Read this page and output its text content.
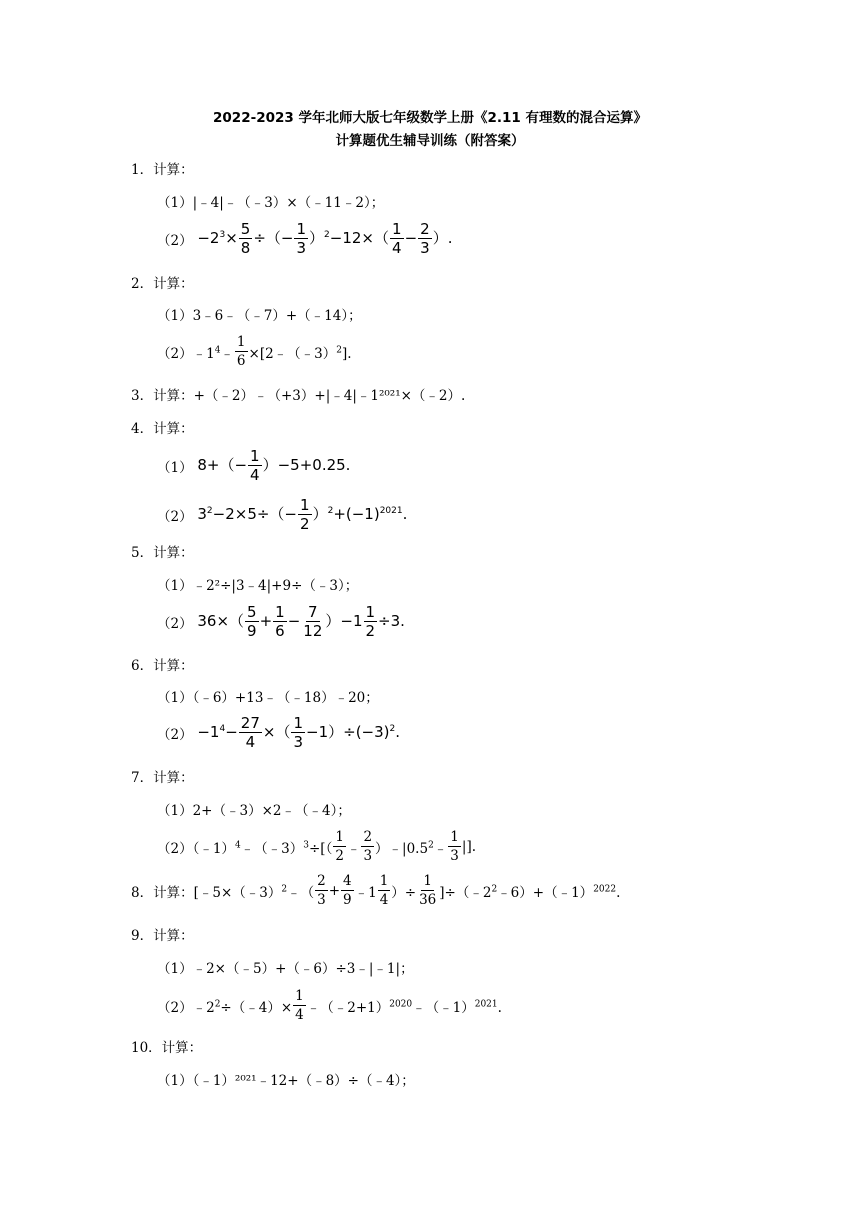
2022-2023 学年北师大版七年级数学上册《2.11 有理数的混合运算》
计算题优生辅导训练（附答案）
1．计算：
（1）|﹣4|﹣（﹣3）×（﹣11﹣2）；
$(2) -2^3\times \frac{5}{8}$ ÷（− $\frac{1}{3} )^2-12\times( \frac{1}{4} - \frac{2}{3}$ ）.
2．计算：
（1）3﹣6﹣（﹣7）+（﹣14）；
$(2)﹣1^4﹣ \frac{1}{6}$ ×[2﹣（﹣3）$^2$].
3．计算：+（﹣2）﹣（+3）+|﹣4|﹣1²⁰²¹×（﹣2）.
4．计算：
（1） $8+(- \frac{1}{4} )-5+0.25$.
（2） $3^2-2\times 5\div(- \frac{1}{2} )^2+(-1)^{2021}$.
5．计算：
（1）﹣2²÷|3﹣4|+9÷（﹣3）；
（2） $36\times( \frac{5}{9} + \frac{1}{6} - \frac{7}{12} )-1 \frac{1}{2} \div 3$.
6．计算：
（1）（﹣6）+13﹣（﹣18）﹣20；
$(2) -1^4- \frac{27}{4}$ ×（ $\frac{1}{3} -1)\div(-3)^2$.
7．计算：
（1）2+（﹣3）×2﹣（﹣4）；
（2）（﹣1）$^4$﹣（﹣3）$^3$÷[（ $\frac{1}{2}$ ﹣ $\frac{2}{3}$ ）$﹣|0.5^2﹣ \frac{1}{3}$ |].
8．计算：[﹣5×（﹣3）$^2$﹣（ $\frac{2}{3} + \frac{4}{9}$ ﹣1 $\frac{1}{4}$ ）÷ $\frac{1}{36}$ ]$\div(﹣2^2﹣6)+(﹣1)^{2022}$.
9．计算：
（1）﹣2×（﹣5）+（﹣6）÷3﹣|﹣1|；
$(2)﹣2^2\div(﹣4)\times \frac{1}{4}$ ﹣（﹣2+1）$^{2020}$﹣（﹣1）$^{2021}$.
10．计算：
（1）（﹣1）²⁰²¹﹣12+（﹣8）÷（﹣4）；
